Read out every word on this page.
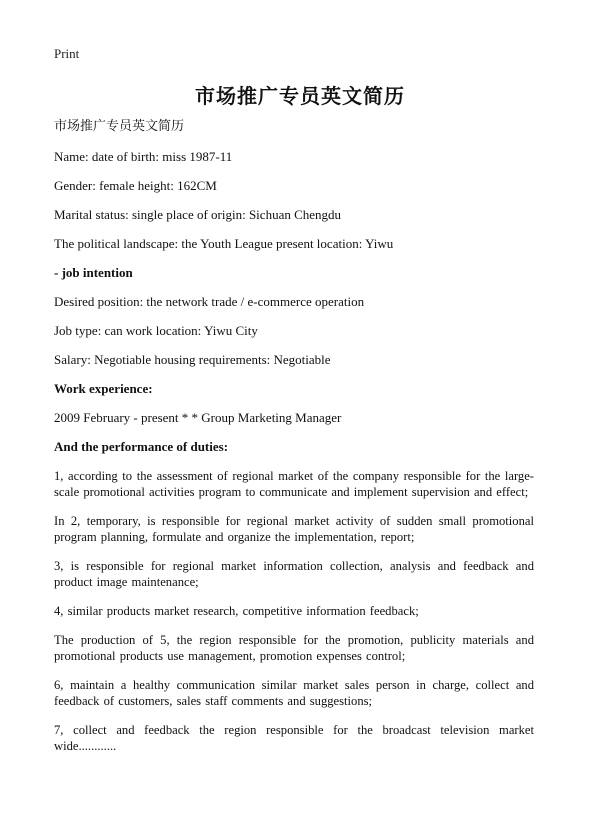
Print
市场推广专员英文简历

市场推广专员英文简历

Name: date of birth: miss 1987-11

Gender: female height: 162CM

Marital status: single place of origin: Sichuan Chengdu

The political landscape: the Youth League present location: Yiwu

- job intention

Desired position: the network trade / e-commerce operation

Job type: can work location: Yiwu City

Salary: Negotiable housing requirements: Negotiable

Work experience:

2009 February - present * * Group Marketing Manager

And the performance of duties:

1, according to the assessment of regional market of the company responsible for the large-scale promotional activities program to communicate and implement supervision and effect;

In 2, temporary, is responsible for regional market activity of sudden small promotional program planning, formulate and organize the implementation, report;

3, is responsible for regional market information collection, analysis and feedback and product image maintenance;

4, similar products market research, competitive information feedback;

The production of 5, the region responsible for the promotion, publicity materials and promotional products use management, promotion expenses control;

6, maintain a healthy communication similar market sales person in charge, collect and feedback of customers, sales staff comments and suggestions;

7, collect and feedback the region responsible for the broadcast television market wide............
